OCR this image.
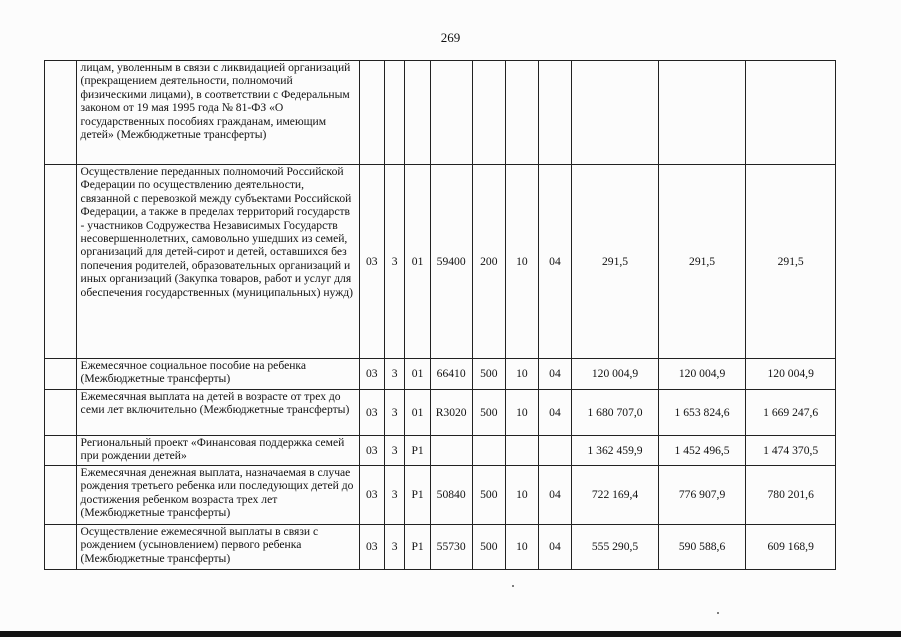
269
	лицам, уволенным в связи с ликвидацией организаций (прекращением деятельности, полномочий физическими лицами), в соответствии с Федеральным законом от 19 мая 1995 года № 81-ФЗ «О государственных пособиях гражданам, имеющим детей» (Межбюджетные трансферты)										
	Осуществление переданных полномочий Российской Федерации по осуществлению деятельности, связанной с перевозкой между субъектами Российской Федерации, а также в пределах территорий государств - участников Содружества Независимых Государств несовершеннолетних, самовольно ушедших из семей, организаций для детей-сирот и детей, оставшихся без попечения родителей, образовательных организаций и иных организаций (Закупка товаров, работ и услуг для обеспечения государственных (муниципальных) нужд)	03	3	01	59400	200	10	04	291,5	291,5	291,5
	Ежемесячное социальное пособие на ребенка (Межбюджетные трансферты)	03	3	01	66410	500	10	04	120 004,9	120 004,9	120 004,9
	Ежемесячная выплата на детей в возрасте от трех до семи лет включительно (Межбюджетные трансферты)	03	3	01	R3020	500	10	04	1 680 707,0	1 653 824,6	1 669 247,6
	Региональный проект «Финансовая поддержка семей при рождении детей»	03	3	P1					1 362 459,9	1 452 496,5	1 474 370,5
	Ежемесячная денежная выплата, назначаемая в случае рождения третьего ребенка или последующих детей до достижения ребенком возраста трех лет (Межбюджетные трансферты)	03	3	P1	50840	500	10	04	722 169,4	776 907,9	780 201,6
	Осуществление ежемесячной выплаты в связи с рождением (усыновлением) первого ребенка (Межбюджетные трансферты)	03	3	P1	55730	500	10	04	555 290,5	590 588,6	609 168,9
